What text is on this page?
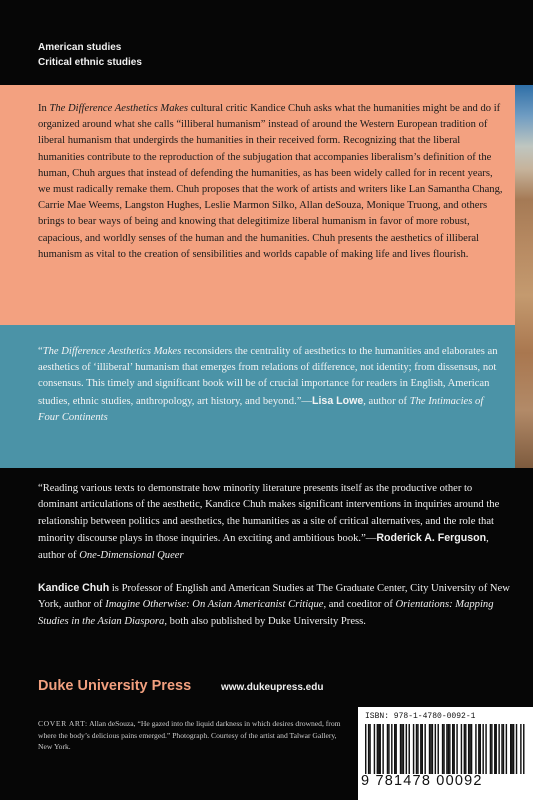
American studies
Critical ethnic studies

In The Difference Aesthetics Makes cultural critic Kandice Chuh asks what the humanities might be and do if organized around what she calls “illiberal humanism” instead of around the Western European tradition of liberal humanism that undergirds the humanities in their received form. Recognizing that the liberal humanities contribute to the reproduction of the subjugation that accompanies liberalism’s definition of the human, Chuh argues that instead of defending the humanities, as has been widely called for in recent years, we must radically remake them. Chuh proposes that the work of artists and writers like Lan Samantha Chang, Carrie Mae Weems, Langston Hughes, Leslie Marmon Silko, Allan deSouza, Monique Truong, and others brings to bear ways of being and knowing that delegitimize liberal humanism in favor of more robust, capacious, and worldly senses of the human and the humanities. Chuh presents the aesthetics of illiberal humanism as vital to the creation of sensibilities and worlds capable of making life and lives flourish.

“The Difference Aesthetics Makes reconsiders the centrality of aesthetics to the humanities and elaborates an aesthetics of ‘illiberal’ humanism that emerges from relations of difference, not identity; from dissensus, not consensus. This timely and significant book will be of crucial importance for readers in English, American studies, ethnic studies, anthropology, art history, and beyond.”—Lisa Lowe, author of The Intimacies of Four Continents

“Reading various texts to demonstrate how minority literature presents itself as the productive other to dominant articulations of the aesthetic, Kandice Chuh makes significant interventions in inquiries around the relationship between politics and aesthetics, the humanities as a site of critical alternatives, and the role that minority discourse plays in those inquiries. An exciting and ambitious book.”—Roderick A. Ferguson, author of One-Dimensional Queer

Kandice Chuh is Professor of English and American Studies at The Graduate Center, City University of New York, author of Imagine Otherwise: On Asian Americanist Critique, and coeditor of Orientations: Mapping Studies in the Asian Diaspora, both also published by Duke University Press.

Duke University Press	www.dukeupress.edu

COVER ART: Allan deSouza, “He gazed into the liquid darkness in which desires drowned, from where the body’s delicious pains emerged.” Photograph. Courtesy of the artist and Talwar Gallery, New York.

ISBN: 978-1-4780-0092-1
9 781478 00092
